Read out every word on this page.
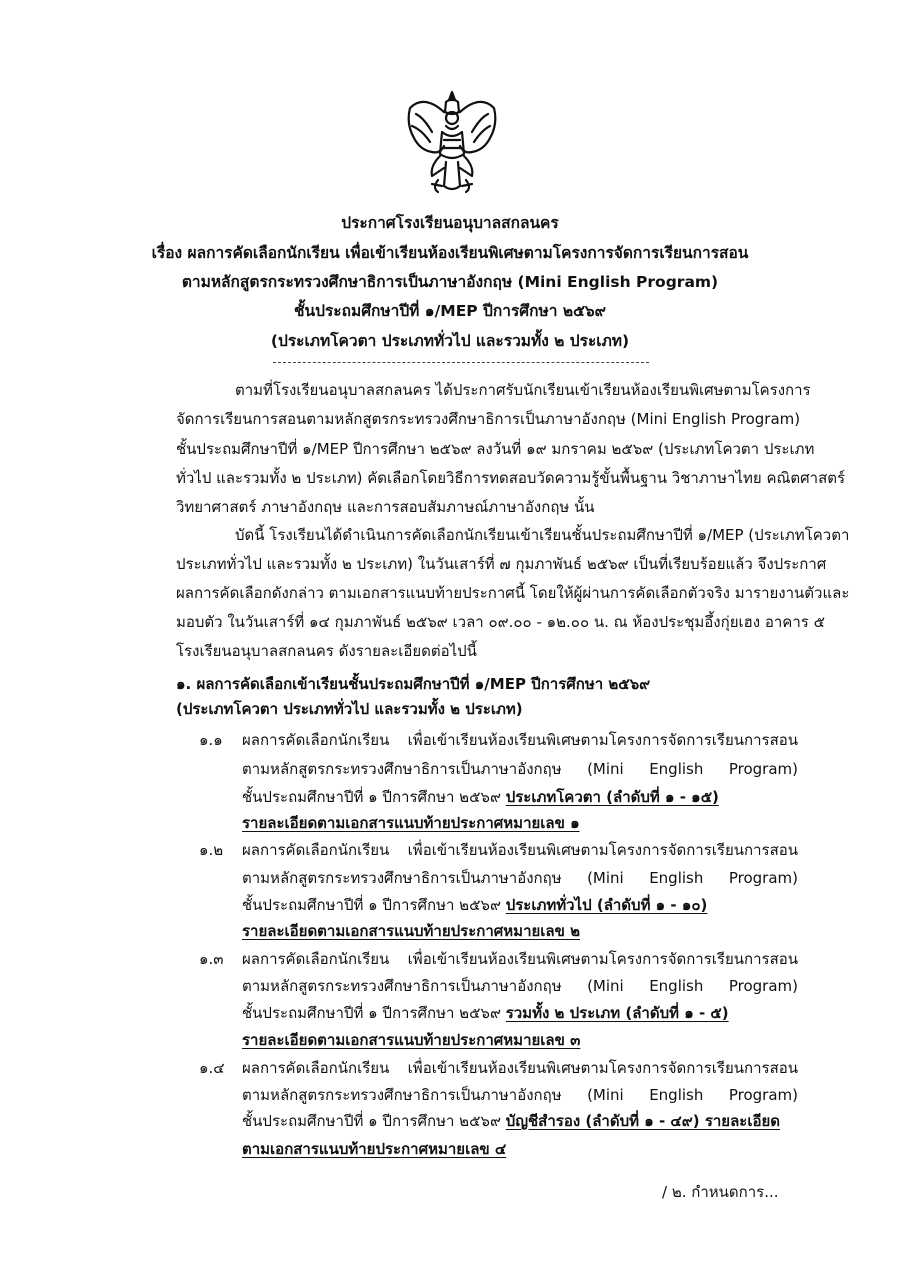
ประกาศโรงเรียนอนุบาลสกลนคร
เรื่อง ผลการคัดเลือกนักเรียน เพื่อเข้าเรียนห้องเรียนพิเศษตามโครงการจัดการเรียนการสอน
ตามหลักสูตรกระทรวงศึกษาธิการเป็นภาษาอังกฤษ (Mini English Program)
ชั้นประถมศึกษาปีที่ ๑/MEP ปีการศึกษา ๒๕๖๙
(ประเภทโควตา ประเภททั่วไป และรวมทั้ง ๒ ประเภท)
ตามที่โรงเรียนอนุบาลสกลนคร ได้ประกาศรับนักเรียนเข้าเรียนห้องเรียนพิเศษตามโครงการ
จัดการเรียนการสอนตามหลักสูตรกระทรวงศึกษาธิการเป็นภาษาอังกฤษ (Mini English Program)
ชั้นประถมศึกษาปีที่ ๑/MEP ปีการศึกษา ๒๕๖๙ ลงวันที่ ๑๙ มกราคม ๒๕๖๙ (ประเภทโควตา ประเภท
ทั่วไป และรวมทั้ง ๒ ประเภท) คัดเลือกโดยวิธีการทดสอบวัดความรู้ขั้นพื้นฐาน วิชาภาษาไทย คณิตศาสตร์
วิทยาศาสตร์ ภาษาอังกฤษ และการสอบสัมภาษณ์ภาษาอังกฤษ นั้น
บัดนี้ โรงเรียนได้ดำเนินการคัดเลือกนักเรียนเข้าเรียนชั้นประถมศึกษาปีที่ ๑/MEP (ประเภทโควตา
ประเภททั่วไป และรวมทั้ง ๒ ประเภท) ในวันเสาร์ที่ ๗ กุมภาพันธ์ ๒๕๖๙ เป็นที่เรียบร้อยแล้ว จึงประกาศ
ผลการคัดเลือกดังกล่าว ตามเอกสารแนบท้ายประกาศนี้ โดยให้ผู้ผ่านการคัดเลือกตัวจริง มารายงานตัวและ
มอบตัว ในวันเสาร์ที่ ๑๔ กุมภาพันธ์ ๒๕๖๙ เวลา ๐๙.๐๐ - ๑๒.๐๐ น. ณ ห้องประชุมอึ้งกุ่ยเฮง อาคาร ๕
โรงเรียนอนุบาลสกลนคร ดังรายละเอียดต่อไปนี้
๑. ผลการคัดเลือกเข้าเรียนชั้นประถมศึกษาปีที่ ๑/MEP ปีการศึกษา ๒๕๖๙
(ประเภทโควตา ประเภททั่วไป และรวมทั้ง ๒ ประเภท)
๑.๑ ผลการคัดเลือกนักเรียน เพื่อเข้าเรียนห้องเรียนพิเศษตามโครงการจัดการเรียนการสอน
ตามหลักสูตรกระทรวงศึกษาธิการเป็นภาษาอังกฤษ (Mini English Program)
ชั้นประถมศึกษาปีที่ ๑ ปีการศึกษา ๒๕๖๙ ประเภทโควตา (ลำดับที่ ๑ - ๑๕)
รายละเอียดตามเอกสารแนบท้ายประกาศหมายเลข ๑
๑.๒ ผลการคัดเลือกนักเรียน เพื่อเข้าเรียนห้องเรียนพิเศษตามโครงการจัดการเรียนการสอน
ตามหลักสูตรกระทรวงศึกษาธิการเป็นภาษาอังกฤษ (Mini English Program)
ชั้นประถมศึกษาปีที่ ๑ ปีการศึกษา ๒๕๖๙ ประเภททั่วไป (ลำดับที่ ๑ - ๑๐)
รายละเอียดตามเอกสารแนบท้ายประกาศหมายเลข ๒
๑.๓ ผลการคัดเลือกนักเรียน เพื่อเข้าเรียนห้องเรียนพิเศษตามโครงการจัดการเรียนการสอน
ตามหลักสูตรกระทรวงศึกษาธิการเป็นภาษาอังกฤษ (Mini English Program)
ชั้นประถมศึกษาปีที่ ๑ ปีการศึกษา ๒๕๖๙ รวมทั้ง ๒ ประเภท (ลำดับที่ ๑ - ๕)
รายละเอียดตามเอกสารแนบท้ายประกาศหมายเลข ๓
๑.๔ ผลการคัดเลือกนักเรียน เพื่อเข้าเรียนห้องเรียนพิเศษตามโครงการจัดการเรียนการสอน
ตามหลักสูตรกระทรวงศึกษาธิการเป็นภาษาอังกฤษ (Mini English Program)
ชั้นประถมศึกษาปีที่ ๑ ปีการศึกษา ๒๕๖๙ บัญชีสำรอง (ลำดับที่ ๑ - ๔๙) รายละเอียด
ตามเอกสารแนบท้ายประกาศหมายเลข ๔
/ ๒. กำหนดการ...
